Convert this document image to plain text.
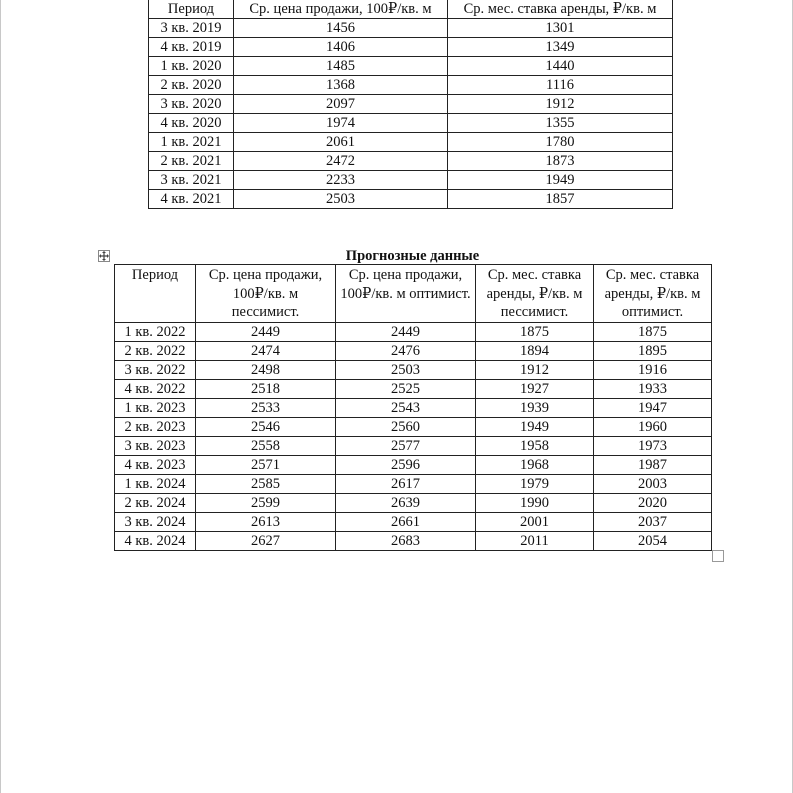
Период	Ср. цена продажи, 100₽/кв. м	Ср. мес. ставка аренды, ₽/кв. м
3 кв. 2019	1456	1301
4 кв. 2019	1406	1349
1 кв. 2020	1485	1440
2 кв. 2020	1368	1116
3 кв. 2020	2097	1912
4 кв. 2020	1974	1355
1 кв. 2021	2061	1780
2 кв. 2021	2472	1873
3 кв. 2021	2233	1949
4 кв. 2021	2503	1857
Прогнозные данные
Период	Ср. цена продажи, 100₽/кв. м пессимист.	Ср. цена продажи, 100₽/кв. м оптимист.	Ср. мес. ставка аренды, ₽/кв. м пессимист.	Ср. мес. ставка аренды, ₽/кв. м оптимист.
1 кв. 2022	2449	2449	1875	1875
2 кв. 2022	2474	2476	1894	1895
3 кв. 2022	2498	2503	1912	1916
4 кв. 2022	2518	2525	1927	1933
1 кв. 2023	2533	2543	1939	1947
2 кв. 2023	2546	2560	1949	1960
3 кв. 2023	2558	2577	1958	1973
4 кв. 2023	2571	2596	1968	1987
1 кв. 2024	2585	2617	1979	2003
2 кв. 2024	2599	2639	1990	2020
3 кв. 2024	2613	2661	2001	2037
4 кв. 2024	2627	2683	2011	2054
